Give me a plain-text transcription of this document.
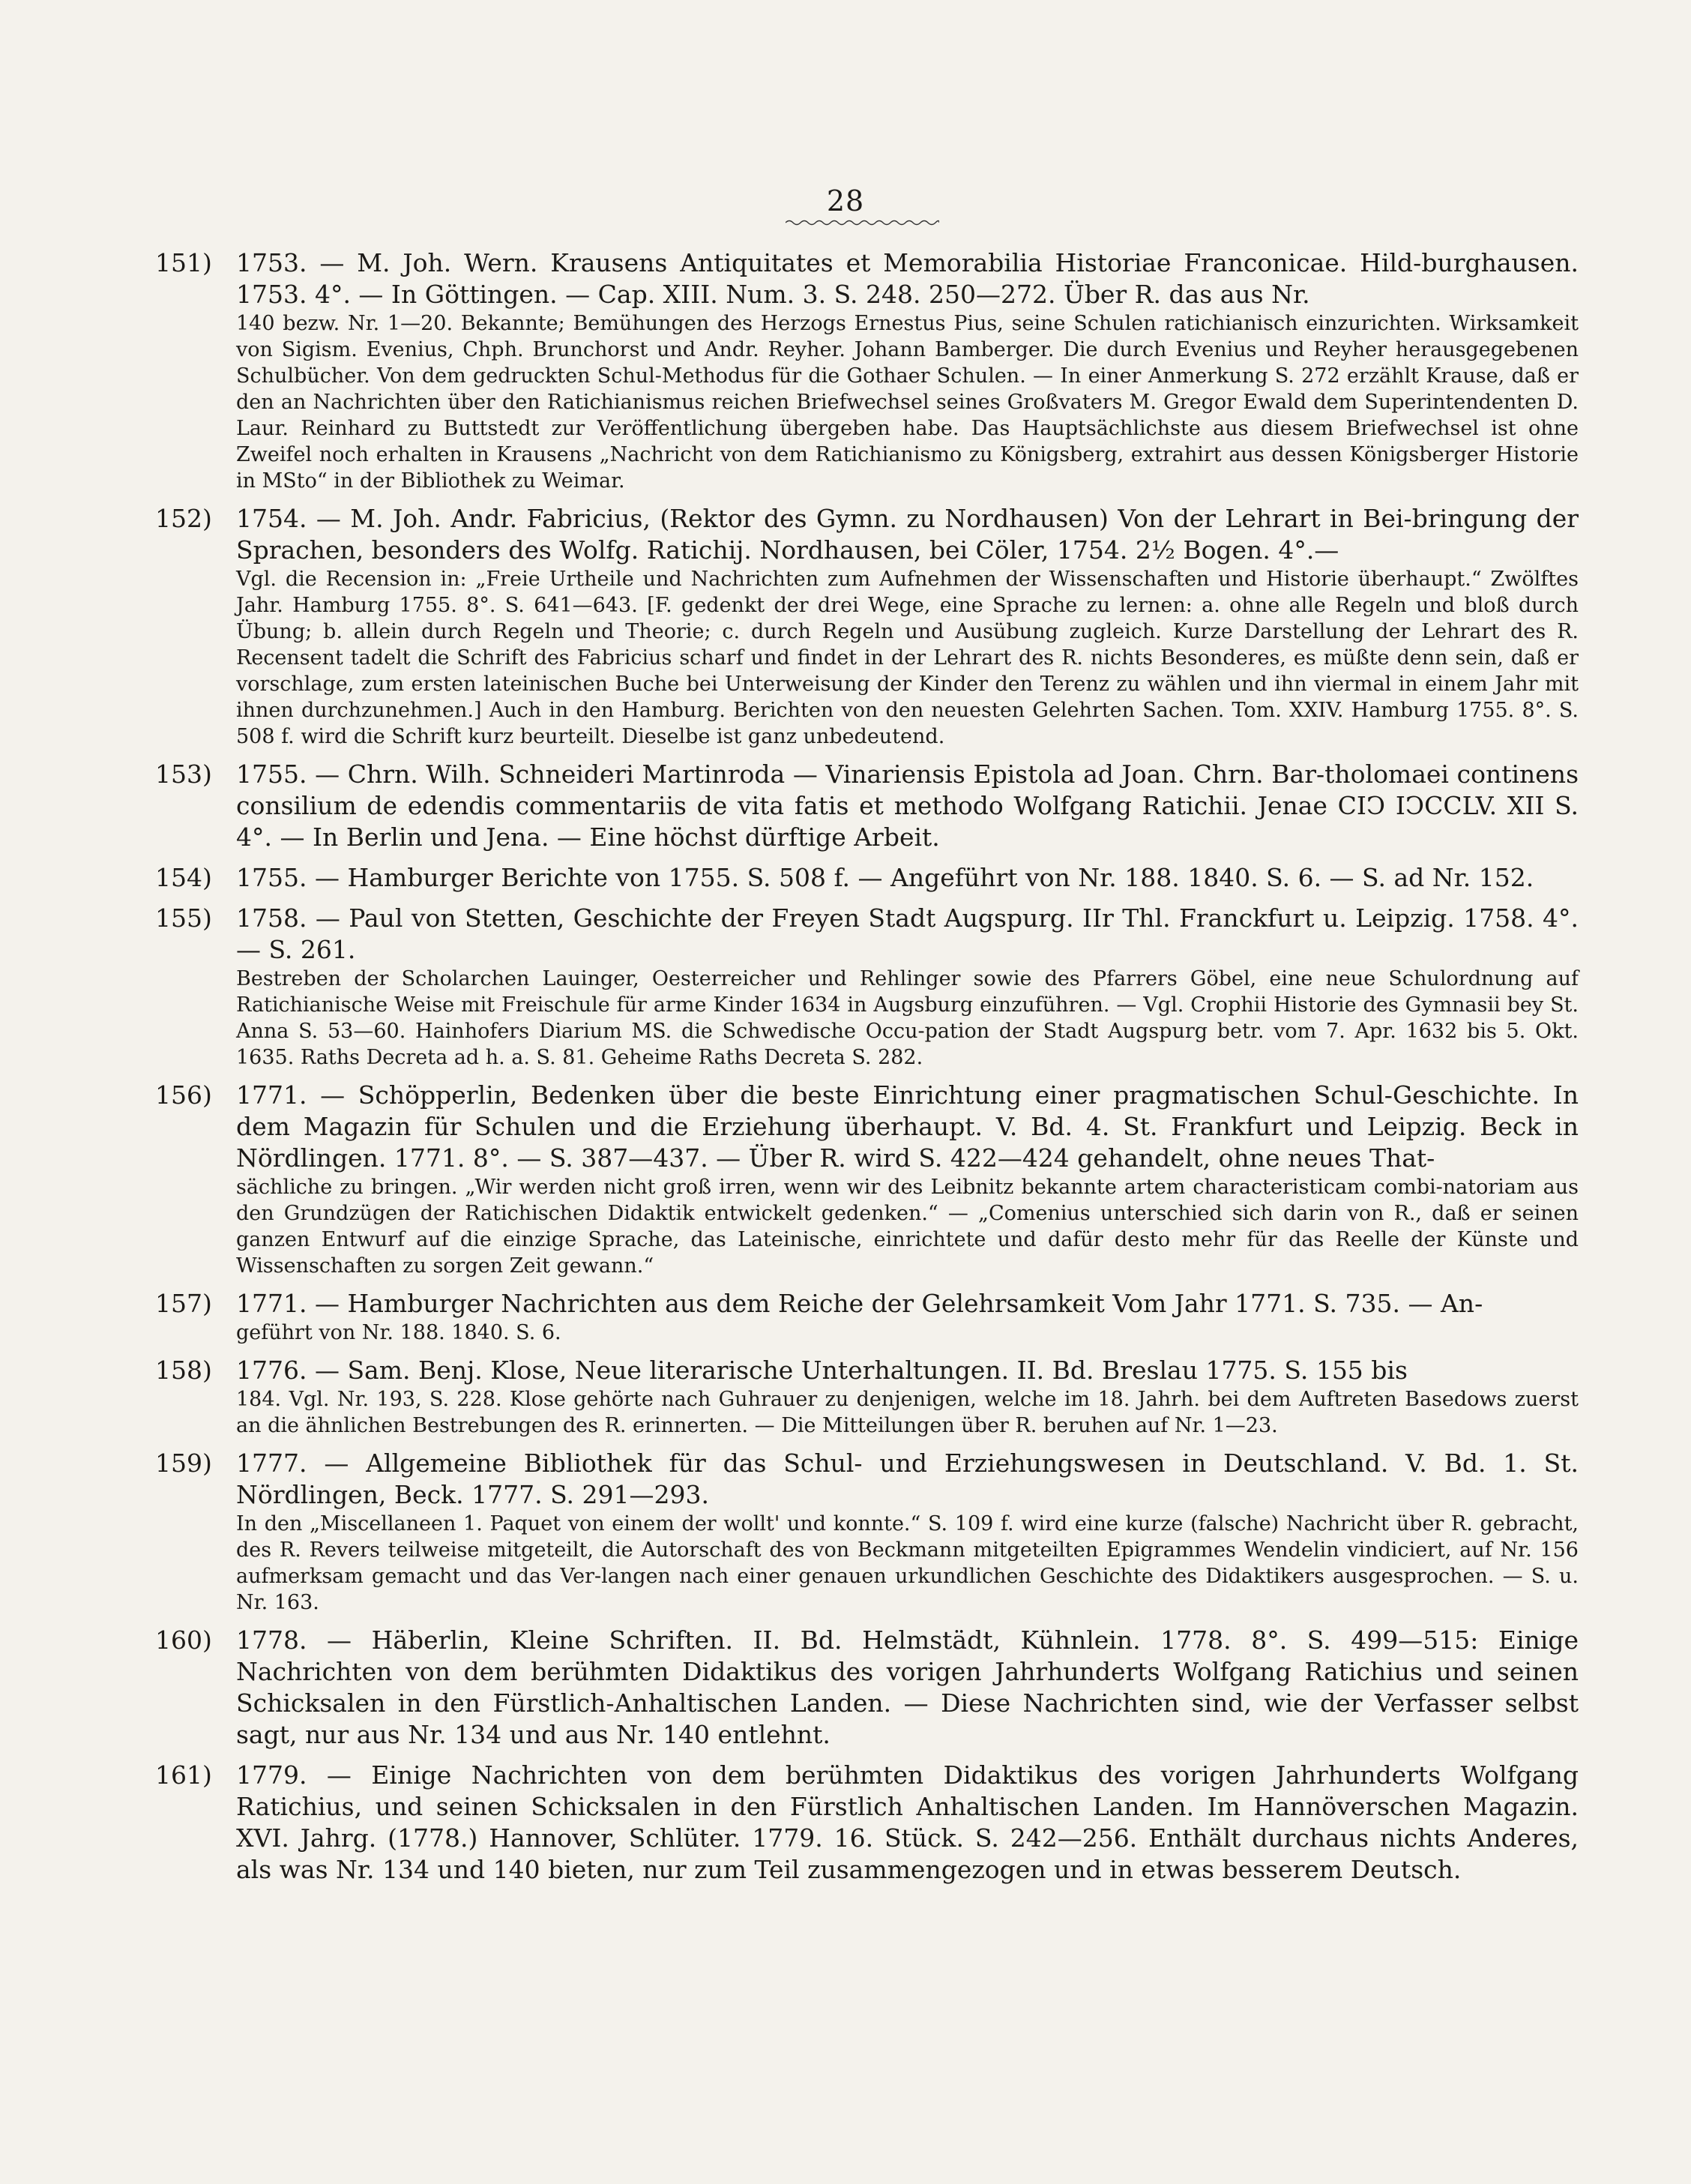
28
151) 1753. — M. Joh. Wern. Krausens Antiquitates et Memorabilia Historiae Franconicae. Hild-burghausen. 1753. 4°. — In Göttingen. — Cap. XIII. Num. 3. S. 248. 250—272. Über R. das aus Nr.

140 bezw. Nr. 1—20. Bekannte; Bemühungen des Herzogs Ernestus Pius, seine Schulen ratichianisch einzurichten. Wirksamkeit von Sigism. Evenius, Chph. Brunchorst und Andr. Reyher. Johann Bamberger. Die durch Evenius und Reyher herausgegebenen Schulbücher. Von dem gedruckten Schul-Methodus für die Gothaer Schulen. — In einer Anmerkung S. 272 erzählt Krause, daß er den an Nachrichten über den Ratichianismus reichen Briefwechsel seines Großvaters M. Gregor Ewald dem Superintendenten D. Laur. Reinhard zu Buttstedt zur Veröffentlichung übergeben habe. Das Hauptsächlichste aus diesem Briefwechsel ist ohne Zweifel noch erhalten in Krausens „Nachricht von dem Ratichianismo zu Königsberg, extrahirt aus dessen Königsberger Historie in MSto“ in der Bibliothek zu Weimar.

152) 1754. — M. Joh. Andr. Fabricius, (Rektor des Gymn. zu Nordhausen) Von der Lehrart in Bei-bringung der Sprachen, besonders des Wolfg. Ratichij. Nordhausen, bei Cöler, 1754. 2½ Bogen. 4°.—

Vgl. die Recension in: „Freie Urtheile und Nachrichten zum Aufnehmen der Wissenschaften und Historie überhaupt.“ Zwölftes Jahr. Hamburg 1755. 8°. S. 641—643. [F. gedenkt der drei Wege, eine Sprache zu lernen: a. ohne alle Regeln und bloß durch Übung; b. allein durch Regeln und Theorie; c. durch Regeln und Ausübung zugleich. Kurze Darstellung der Lehrart des R. Recensent tadelt die Schrift des Fabricius scharf und findet in der Lehrart des R. nichts Besonderes, es müßte denn sein, daß er vorschlage, zum ersten lateinischen Buche bei Unterweisung der Kinder den Terenz zu wählen und ihn viermal in einem Jahr mit ihnen durchzunehmen.] Auch in den Hamburg. Berichten von den neuesten Gelehrten Sachen. Tom. XXIV. Hamburg 1755. 8°. S. 508 f. wird die Schrift kurz beurteilt. Dieselbe ist ganz unbedeutend.

153) 1755. — Chrn. Wilh. Schneideri Martinroda — Vinariensis Epistola ad Joan. Chrn. Bar-tholomaei continens consilium de edendis commentariis de vita fatis et methodo Wolfgang Ratichii. Jenae CIↃ IↃCCLV. XII S. 4°. — In Berlin und Jena. — Eine höchst dürftige Arbeit.

154) 1755. — Hamburger Berichte von 1755. S. 508 f. — Angeführt von Nr. 188. 1840. S. 6. — S. ad Nr. 152.

155) 1758. — Paul von Stetten, Geschichte der Freyen Stadt Augspurg. IIr Thl. Franckfurt u. Leipzig. 1758. 4°. — S. 261.

Bestreben der Scholarchen Lauinger, Oesterreicher und Rehlinger sowie des Pfarrers Göbel, eine neue Schulordnung auf Ratichianische Weise mit Freischule für arme Kinder 1634 in Augsburg einzuführen. — Vgl. Crophii Historie des Gymnasii bey St. Anna S. 53—60. Hainhofers Diarium MS. die Schwedische Occu-pation der Stadt Augspurg betr. vom 7. Apr. 1632 bis 5. Okt. 1635. Raths Decreta ad h. a. S. 81. Geheime Raths Decreta S. 282.

156) 1771. — Schöpperlin, Bedenken über die beste Einrichtung einer pragmatischen Schul-Geschichte. In dem Magazin für Schulen und die Erziehung überhaupt. V. Bd. 4. St. Frankfurt und Leipzig. Beck in Nördlingen. 1771. 8°. — S. 387—437. — Über R. wird S. 422—424 gehandelt, ohne neues That-

sächliche zu bringen. „Wir werden nicht groß irren, wenn wir des Leibnitz bekannte artem characteristicam combi-natoriam aus den Grundzügen der Ratichischen Didaktik entwickelt gedenken.“ — „Comenius unterschied sich darin von R., daß er seinen ganzen Entwurf auf die einzige Sprache, das Lateinische, einrichtete und dafür desto mehr für das Reelle der Künste und Wissenschaften zu sorgen Zeit gewann.“

157) 1771. — Hamburger Nachrichten aus dem Reiche der Gelehrsamkeit Vom Jahr 1771. S. 735. — An-

geführt von Nr. 188. 1840. S. 6.

158) 1776. — Sam. Benj. Klose, Neue literarische Unterhaltungen. II. Bd. Breslau 1775. S. 155 bis

184. Vgl. Nr. 193, S. 228. Klose gehörte nach Guhrauer zu denjenigen, welche im 18. Jahrh. bei dem Auftreten Basedows zuerst an die ähnlichen Bestrebungen des R. erinnerten. — Die Mitteilungen über R. beruhen auf Nr. 1—23.

159) 1777. — Allgemeine Bibliothek für das Schul- und Erziehungswesen in Deutschland. V. Bd. 1. St. Nördlingen, Beck. 1777. S. 291—293.

In den „Miscellaneen 1. Paquet von einem der wollt' und konnte.“ S. 109 f. wird eine kurze (falsche) Nachricht über R. gebracht, des R. Revers teilweise mitgeteilt, die Autorschaft des von Beckmann mitgeteilten Epigrammes Wendelin vindiciert, auf Nr. 156 aufmerksam gemacht und das Ver-langen nach einer genauen urkundlichen Geschichte des Didaktikers ausgesprochen. — S. u. Nr. 163.

160) 1778. — Häberlin, Kleine Schriften. II. Bd. Helmstädt, Kühnlein. 1778. 8°. S. 499—515: Einige Nachrichten von dem berühmten Didaktikus des vorigen Jahrhunderts Wolfgang Ratichius und seinen Schicksalen in den Fürstlich-Anhaltischen Landen. — Diese Nachrichten sind, wie der Verfasser selbst sagt, nur aus Nr. 134 und aus Nr. 140 entlehnt.

161) 1779. — Einige Nachrichten von dem berühmten Didaktikus des vorigen Jahrhunderts Wolfgang Ratichius, und seinen Schicksalen in den Fürstlich Anhaltischen Landen. Im Hannöverschen Magazin. XVI. Jahrg. (1778.) Hannover, Schlüter. 1779. 16. Stück. S. 242—256. Enthält durchaus nichts Anderes, als was Nr. 134 und 140 bieten, nur zum Teil zusammengezogen und in etwas besserem Deutsch.
